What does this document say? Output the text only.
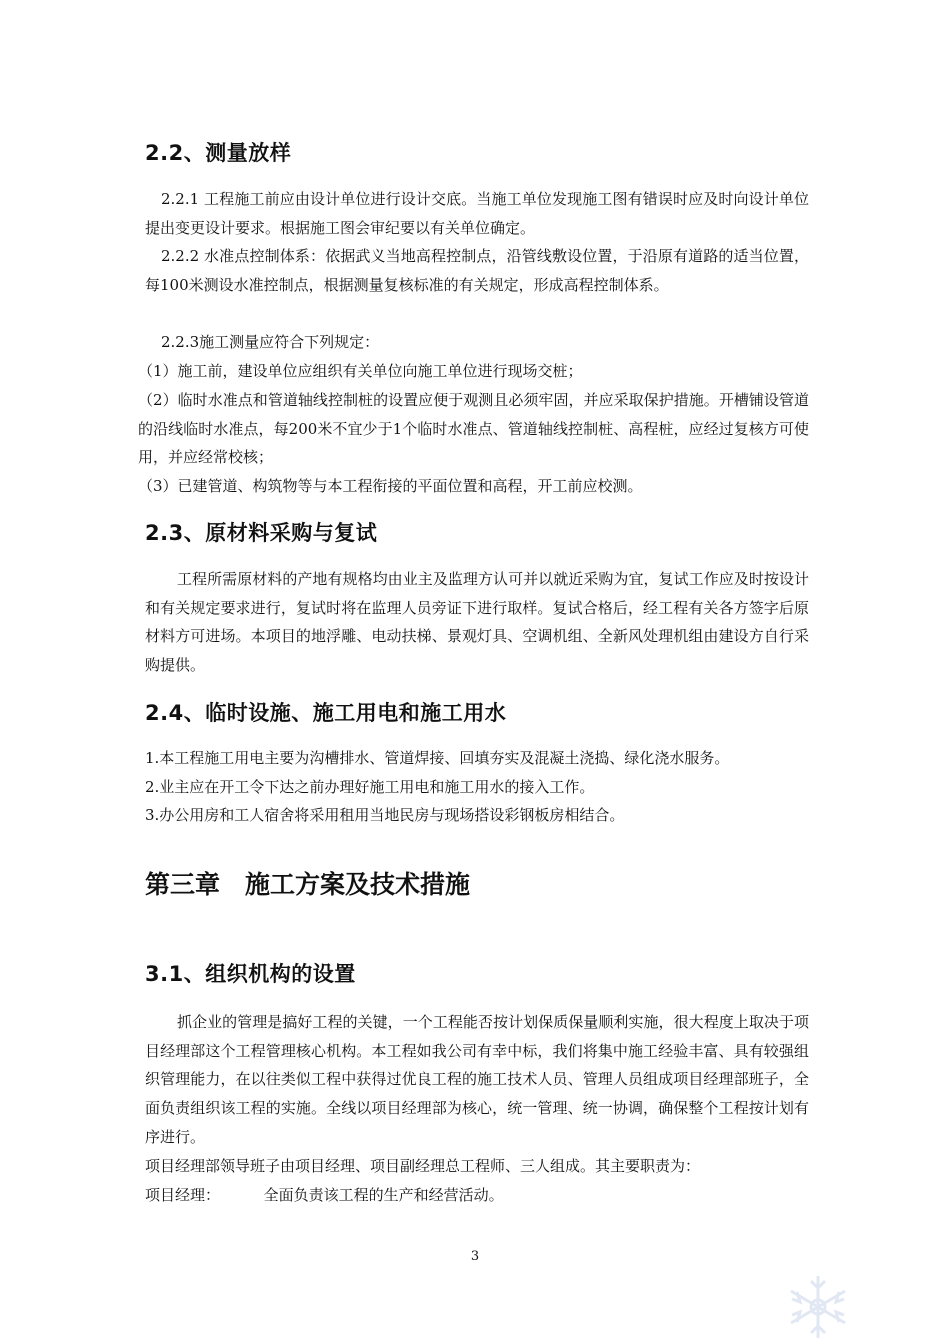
2.2、测量放样
2.2.1 工程施工前应由设计单位进行设计交底。当施工单位发现施工图有错误时应及时向设计单位提出变更设计要求。根据施工图会审纪要以有关单位确定。
2.2.2 水准点控制体系：依据武义当地高程控制点，沿管线敷设位置，于沿原有道路的适当位置，每100米测设水准控制点，根据测量复核标准的有关规定，形成高程控制体系。
2.2.3施工测量应符合下列规定：
（1）施工前，建设单位应组织有关单位向施工单位进行现场交桩；
（2）临时水准点和管道轴线控制桩的设置应便于观测且必须牢固，并应采取保护措施。开槽铺设管道的沿线临时水准点，每200米不宜少于1个临时水准点、管道轴线控制桩、高程桩，应经过复核方可使用，并应经常校核；
（3）已建管道、构筑物等与本工程衔接的平面位置和高程，开工前应校测。
2.3、原材料采购与复试
工程所需原材料的产地有规格均由业主及监理方认可并以就近采购为宜，复试工作应及时按设计和有关规定要求进行，复试时将在监理人员旁证下进行取样。复试合格后，经工程有关各方签字后原材料方可进场。本项目的地浮雕、电动扶梯、景观灯具、空调机组、全新风处理机组由建设方自行采购提供。
2.4、临时设施、施工用电和施工用水
1.本工程施工用电主要为沟槽排水、管道焊接、回填夯实及混凝土浇捣、绿化浇水服务。
2.业主应在开工令下达之前办理好施工用电和施工用水的接入工作。
3.办公用房和工人宿舍将采用租用当地民房与现场搭设彩钢板房相结合。
第三章　施工方案及技术措施
3.1、组织机构的设置
抓企业的管理是搞好工程的关键，一个工程能否按计划保质保量顺利实施，很大程度上取决于项目经理部这个工程管理核心机构。本工程如我公司有幸中标，我们将集中施工经验丰富、具有较强组织管理能力，在以往类似工程中获得过优良工程的施工技术人员、管理人员组成项目经理部班子，全面负责组织该工程的实施。全线以项目经理部为核心，统一管理、统一协调，确保整个工程按计划有序进行。
项目经理部领导班子由项目经理、项目副经理总工程师、三人组成。其主要职责为：
项目经理：	全面负责该工程的生产和经营活动。
3
